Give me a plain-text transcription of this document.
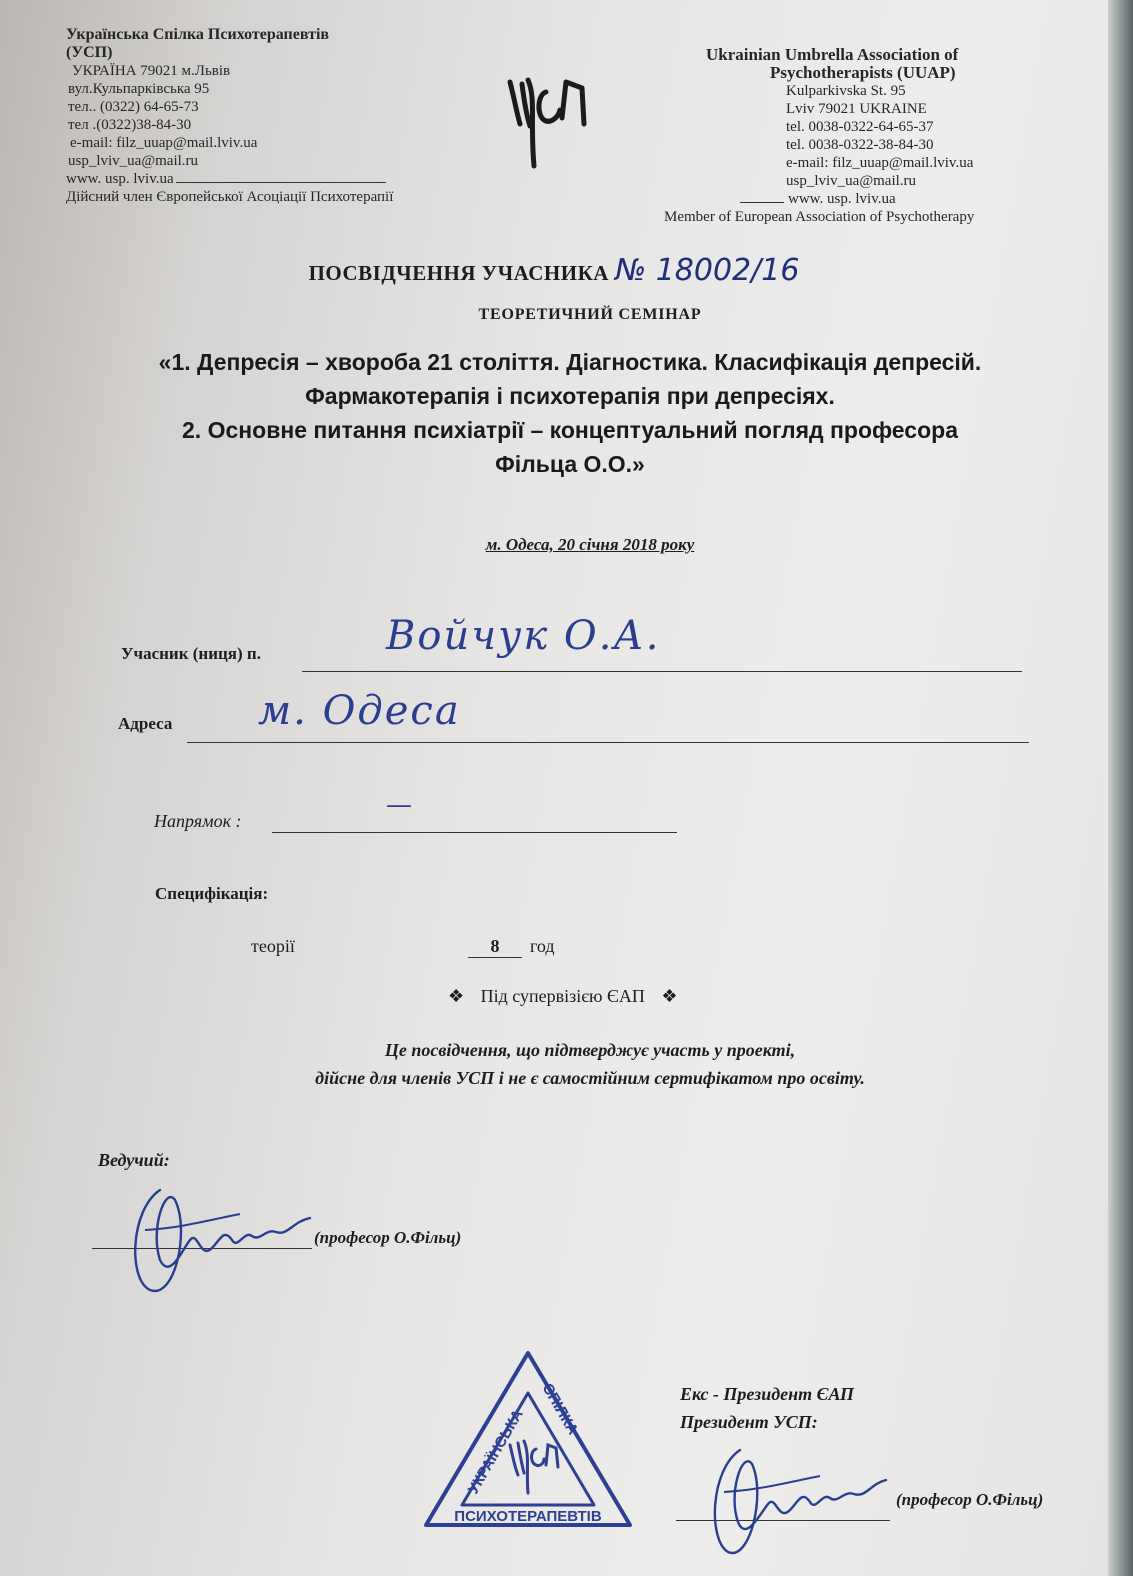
Українська Спілка Психотерапевтів
(УСП)
УКРАЇНА 79021 м.Львів
вул.Кульпарківська 95
тел.. (0322) 64-65-73
тел .(0322)38-84-30
e-mail: filz_uuap@mail.lviv.ua
usp_lviv_ua@mail.ru
www. usp. lviv.ua
Дійсний член Європейської Асоціації Психотерапії
Ukrainian Umbrella Association of
Psychotherapists (UUAP)
Kulparkivska St. 95
Lviv 79021 UKRAINE
tel. 0038-0322-64-65-37
tel. 0038-0322-38-84-30
e-mail: filz_uuap@mail.lviv.ua
usp_lviv_ua@mail.ru
www. usp. lviv.ua
Member of European Association of Psychotherapy
ПОСВІДЧЕННЯ УЧАСНИКА № 18002/16
ТЕОРЕТИЧНИЙ СЕМІНАР
«1. Депресія – хвороба 21 століття. Діагностика. Класифікація депресій.
Фармакотерапія і психотерапія при депресіях.
2. Основне питання психіатрії – концептуальний погляд професора
Фільца О.О.»
м. Одеса, 20 січня 2018 року
Учасник (ниця) п.	Войчук О.А.
Адреса м. Одеса
Напрямок :
—
Специфікація:
теорії	8	год
❖ Під супервізією ЄАП ❖
Це посвідчення, що підтверджує участь у проекті,
дійсне для членів УСП і не є самостійним сертифікатом про освіту.
Ведучий:
(професор О.Фільц)
УКРАЇНСЬКА СПІЛКА
ПСИХОТЕРАПЕВТІВ
Екс - Президент ЄАП
Президент УСП:
(професор О.Фільц)
